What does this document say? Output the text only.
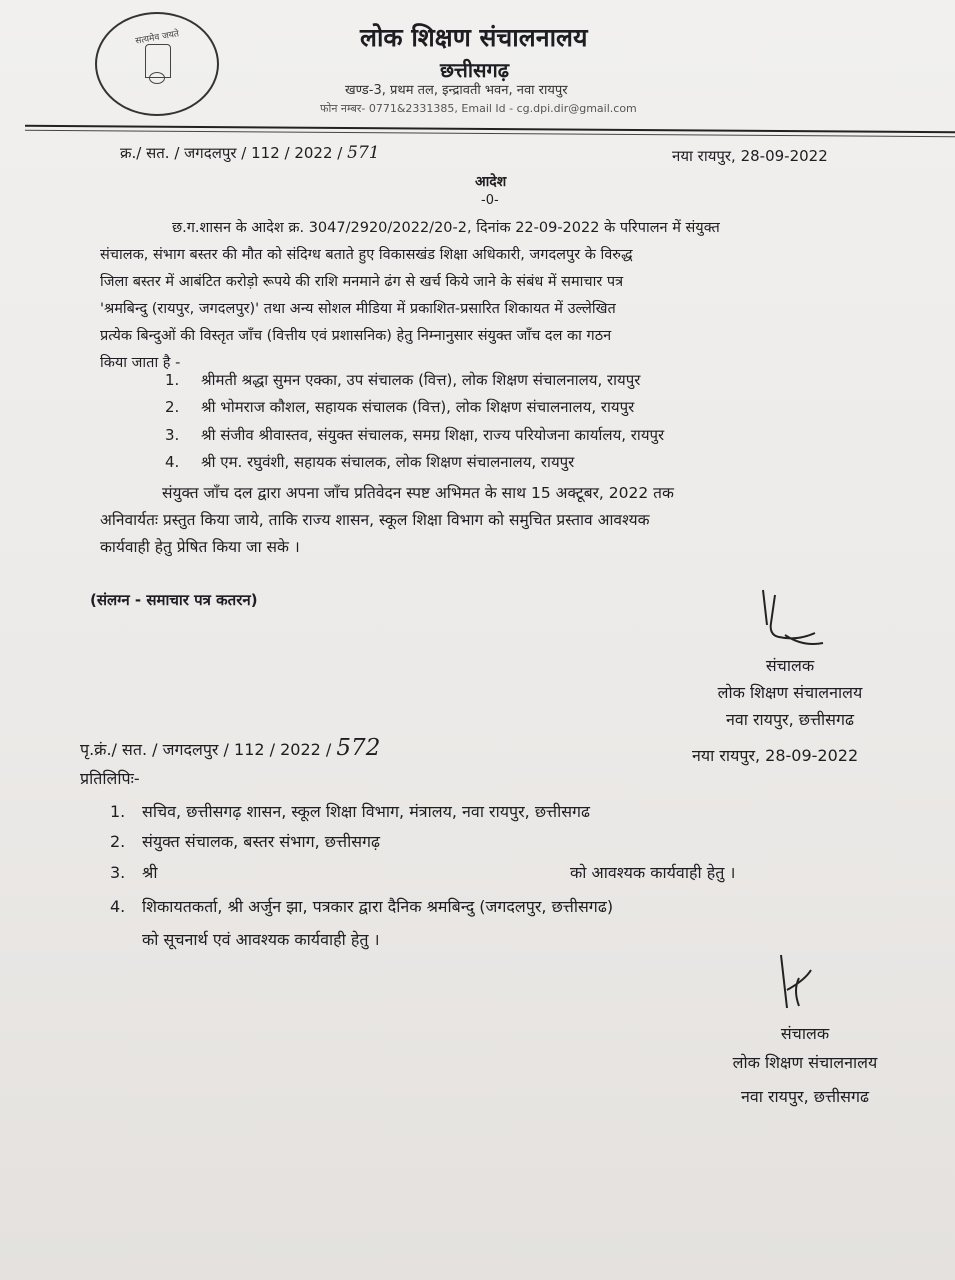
सत्यमेव जयते	लोक शिक्षण संचालनालय
छत्तीसगढ़
खण्ड-3, प्रथम तल, इन्द्रावती भवन, नवा रायपुर
फोन नम्बर- 0771&2331385, Email Id - cg.dpi.dir@gmail.com
क्र./ सत. / जगदलपुर / 112 / 2022 / 571	नया रायपुर, 28-09-2022
आदेश
-0-
छ.ग.शासन के आदेश क्र. 3047/2920/2022/20-2, दिनांक 22-09-2022 के परिपालन में संयुक्त
संचालक, संभाग बस्तर की मौत को संदिग्ध बताते हुए विकासखंड शिक्षा अधिकारी, जगदलपुर के विरुद्ध
जिला बस्तर में आबंटित करोड़ो रूपये की राशि मनमाने ढंग से खर्च किये जाने के संबंध में समाचार पत्र
'श्रमबिन्दु (रायपुर, जगदलपुर)' तथा अन्य सोशल मीडिया में प्रकाशित-प्रसारित शिकायत में उल्लेखित
प्रत्येक बिन्दुओं की विस्तृत जाँच (वित्तीय एवं प्रशासनिक) हेतु निम्नानुसार संयुक्त जाँच दल का गठन
किया जाता है -
1. श्रीमती श्रद्धा सुमन एक्का, उप संचालक (वित्त), लोक शिक्षण संचालनालय, रायपुर
2. श्री भोमराज कौशल, सहायक संचालक (वित्त), लोक शिक्षण संचालनालय, रायपुर
3. श्री संजीव श्रीवास्तव, संयुक्त संचालक, समग्र शिक्षा, राज्य परियोजना कार्यालय, रायपुर
4. श्री एम. रघुवंशी, सहायक संचालक, लोक शिक्षण संचालनालय, रायपुर
संयुक्त जाँच दल द्वारा अपना जाँच प्रतिवेदन स्पष्ट अभिमत के साथ 15 अक्टूबर, 2022 तक
अनिवार्यतः प्रस्तुत किया जाये, ताकि राज्य शासन, स्कूल शिक्षा विभाग को समुचित प्रस्ताव आवश्यक
कार्यवाही हेतु प्रेषित किया जा सके ।
(संलग्न - समाचार पत्र कतरन)
संचालक
लोक शिक्षण संचालनालय
नवा रायपुर, छत्तीसगढ
पृ.क्रं./ सत. / जगदलपुर / 112 / 2022 / 572	नया रायपुर, 28-09-2022
प्रतिलिपिः-
1. सचिव, छत्तीसगढ़ शासन, स्कूल शिक्षा विभाग, मंत्रालय, नवा रायपुर, छत्तीसगढ
2. संयुक्त संचालक, बस्तर संभाग, छत्तीसगढ़
3. श्री	को आवश्यक कार्यवाही हेतु ।
4. शिकायतकर्ता, श्री अर्जुन झा, पत्रकार द्वारा दैनिक श्रमबिन्दु (जगदलपुर, छत्तीसगढ)
को सूचनार्थ एवं आवश्यक कार्यवाही हेतु ।
संचालक
लोक शिक्षण संचालनालय
नवा रायपुर, छत्तीसगढ
